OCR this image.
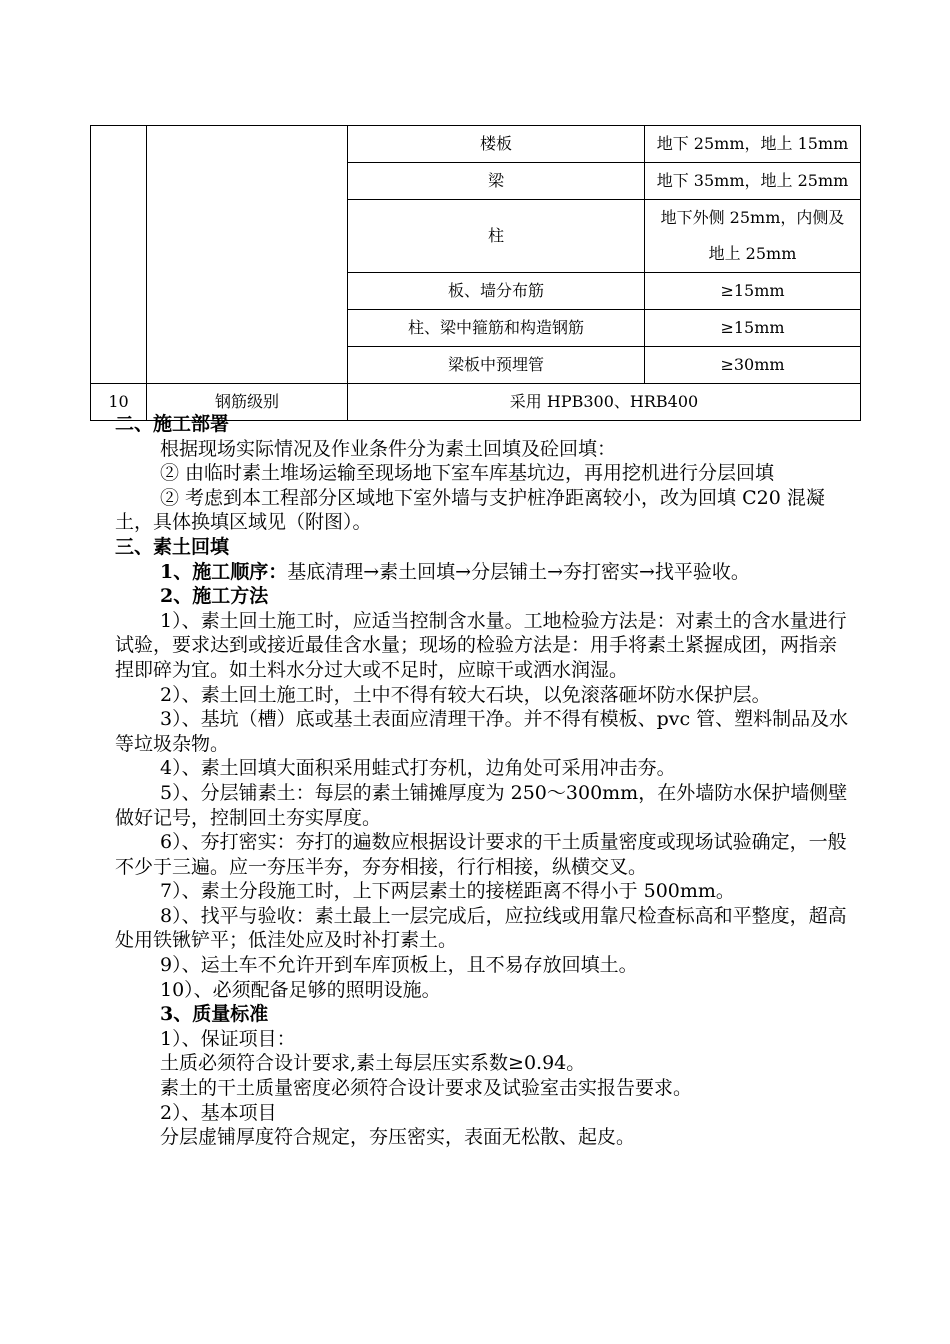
		楼板	地下 25mm，地上 15mm
		梁	地下 35mm，地上 25mm
		柱	地下外侧 25mm，内侧及
地上 25mm

		板、墙分布筋	≥15mm
		柱、梁中箍筋和构造钢筋	≥15mm
		梁板中预埋管	≥30mm
10	钢筋级别	采用 HPB300、HRB400	

二、施工部署

根据现场实际情况及作业条件分为素土回填及砼回填：

② 由临时素土堆场运输至现场地下室车库基坑边，再用挖机进行分层回填

② 考虑到本工程部分区域地下室外墙与支护桩净距离较小，改为回填 C20 混凝土，具体换填区域见（附图）。

三、素土回填

1、施工顺序：基底清理→素土回填→分层铺土→夯打密实→找平验收。

2、施工方法

1）、素土回土施工时，应适当控制含水量。工地检验方法是：对素土的含水量进行试验，要求达到或接近最佳含水量；现场的检验方法是：用手将素土紧握成团，两指亲捏即碎为宜。如土料水分过大或不足时，应晾干或洒水润湿。

2）、素土回土施工时，土中不得有较大石块，以免滚落砸坏防水保护层。

3）、基坑（槽）底或基土表面应清理干净。并不得有模板、pvc 管、塑料制品及水等垃圾杂物。

4）、素土回填大面积采用蛙式打夯机，边角处可采用冲击夯。

5）、分层铺素土：每层的素土铺摊厚度为 250～300mm，在外墙防水保护墙侧壁做好记号，控制回土夯实厚度。

6）、夯打密实：夯打的遍数应根据设计要求的干土质量密度或现场试验确定，一般不少于三遍。应一夯压半夯，夯夯相接，行行相接，纵横交叉。

7）、素土分段施工时，上下两层素土的接槎距离不得小于 500mm。

8）、找平与验收：素土最上一层完成后，应拉线或用靠尺检查标高和平整度，超高处用铁锹铲平；低洼处应及时补打素土。

9）、运土车不允许开到车库顶板上，且不易存放回填土。

10）、必须配备足够的照明设施。

3、质量标准

1）、保证项目：

土质必须符合设计要求,素土每层压实系数≥0.94。

素土的干土质量密度必须符合设计要求及试验室击实报告要求。

2）、基本项目

分层虚铺厚度符合规定，夯压密实，表面无松散、起皮。
